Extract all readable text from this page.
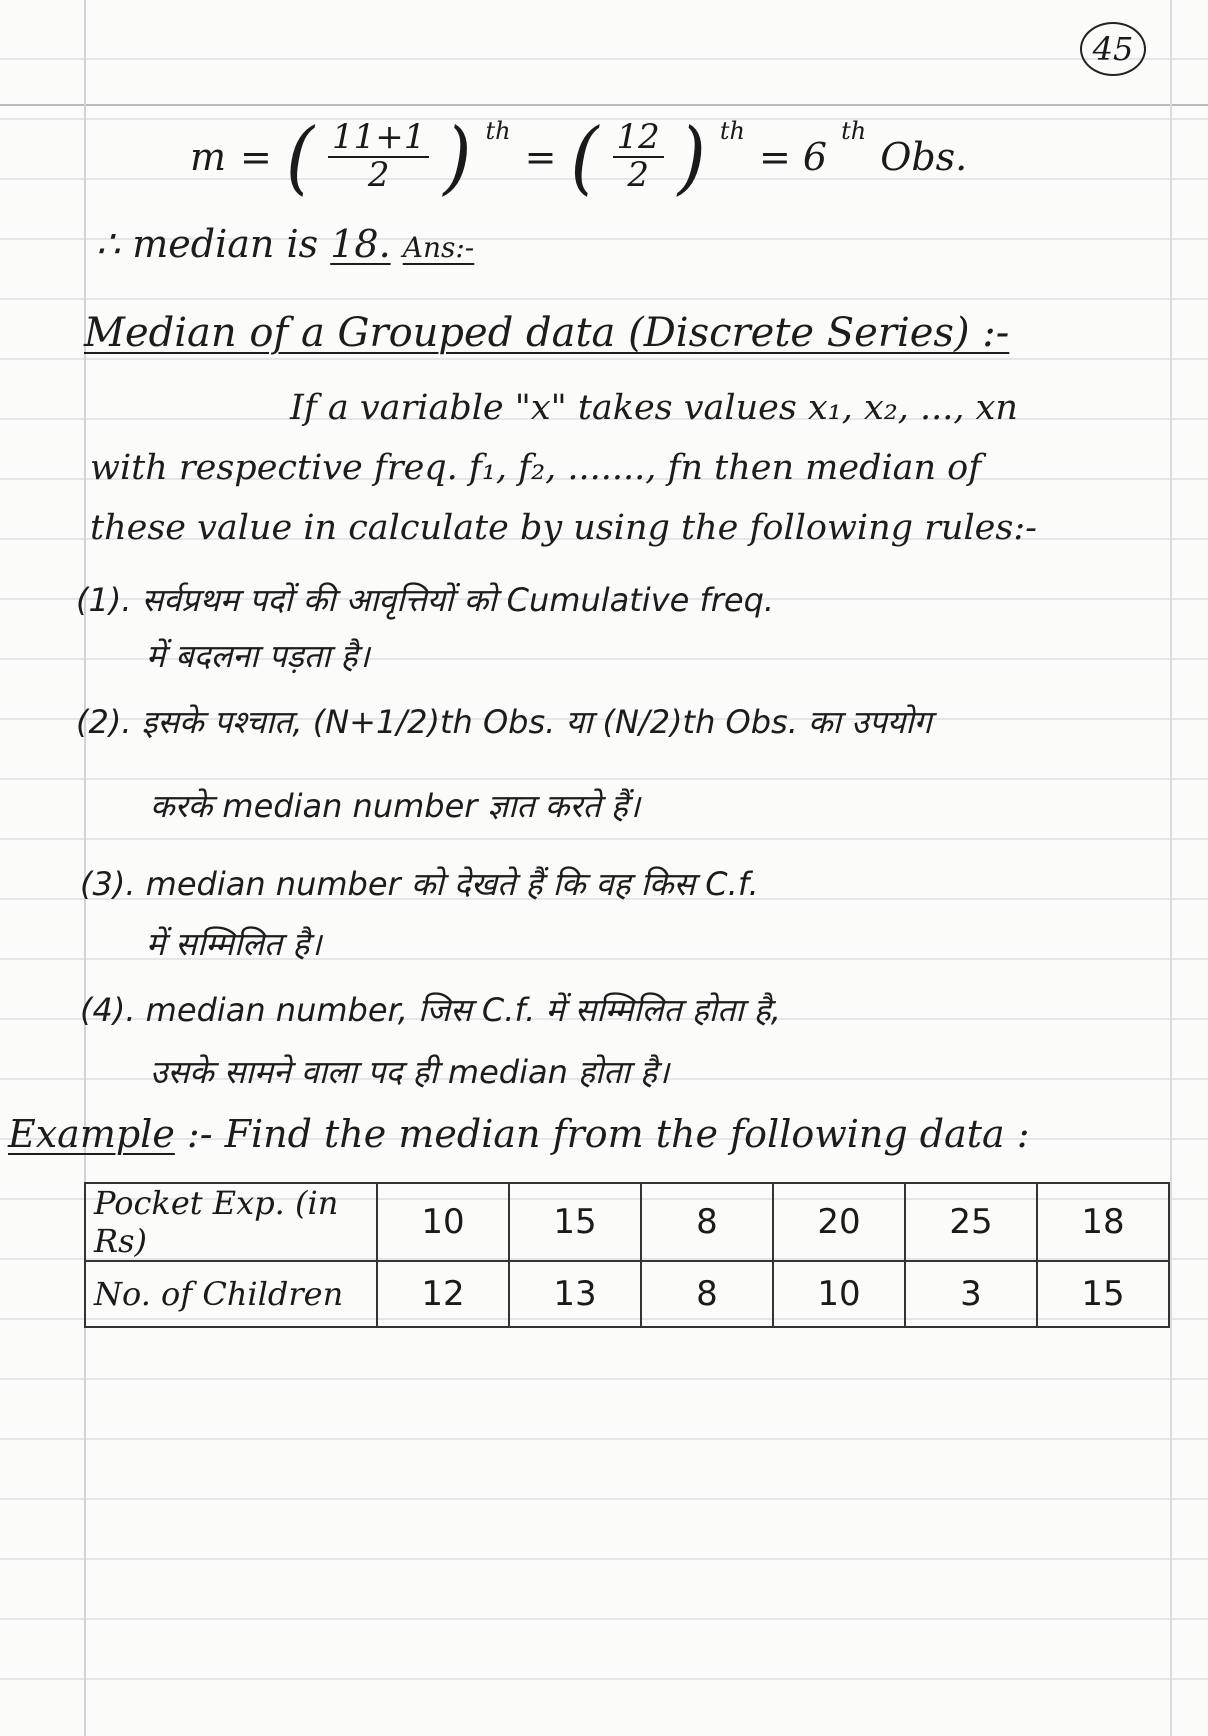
45
m = ( $\frac{11+1}{2}$ ) th
= ( $\frac{12}{2}$ ) th
= 6
th
Obs.
∴ median is 18. Ans:-
Median of a Grouped data (Discrete Series) :-
If a variable "x" takes values x₁, x₂, ..., xn
with respective freq. f₁, f₂, ......., fn then median of
these value in calculate by using the following rules:-
(1). सर्वप्रथम पदों की आवृत्तियों को Cumulative freq.
में बदलना पड़ता है।
(2). इसके पश्चात, (N+1/2)th Obs. या (N/2)th Obs. का उपयोग
करके median number ज्ञात करते हैं।
(3). median number को देखते हैं कि वह किस C.f.
में सम्मिलित है।
(4). median number, जिस C.f. में सम्मिलित होता है,
उसके सामने वाला पद ही median होता है।
Example :- Find the median from the following data :
Pocket Exp. (in Rs)	10	15	8	20	25	18
No. of Children	12	13	8	10	3	15
